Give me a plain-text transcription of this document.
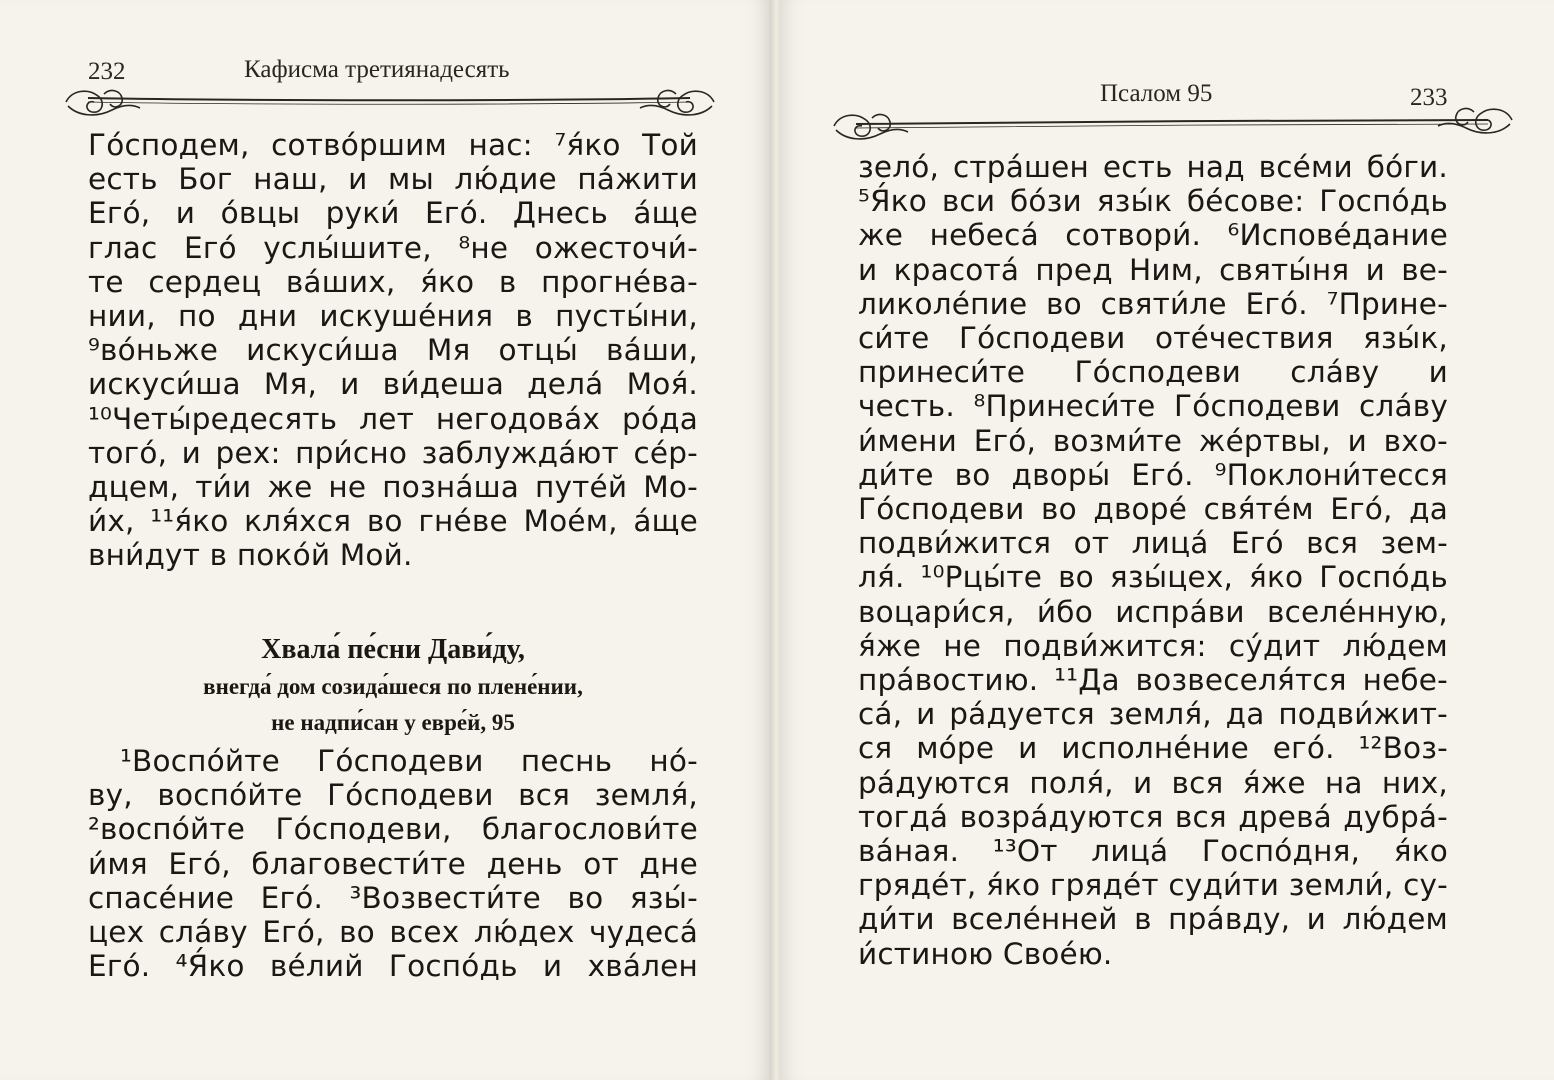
232	Кафисма третиянадесять
Го́сподем, сотво́ршим нас: ⁷я́ко Той
есть Бог наш, и мы лю́дие па́жити
Его́, и о́вцы руки́ Его́. Днесь а́ще
глас Его́ услы́шите, ⁸не ожесточи́-
те сердец ва́ших, я́ко в прогне́ва-
нии, по дни искуше́ния в пусты́ни,
⁹во́ньже искуси́ша Мя отцы́ ва́ши,
искуси́ша Мя, и ви́деша дела́ Моя́.
¹⁰Четы́редесять лет негодова́х ро́да
того́, и рех: при́сно заблужда́ют се́р-
дцем, ти́и же не позна́ша путе́й Мо-
и́х, ¹¹я́ко кля́хся во гне́ве Мое́м, а́ще
вни́дут в поко́й Мой.
Хвала́ пе́сни Дави́ду,
внегда́ дом созида́шеся по плене́нии,
не надпи́сан у евре́й, 95
¹Воспо́йте Го́сподеви песнь но́-
ву, воспо́йте Го́сподеви вся земля́,
²воспо́йте Го́сподеви, благослови́те
и́мя Его́, благовести́те день от дне
спасе́ние Его́. ³Возвести́те во язы́-
цех сла́ву Его́, во всех лю́дех чудеса́
Его́. ⁴Я́ко ве́лий Госпо́дь и хва́лен
Псалом 95	233
зело́, стра́шен есть над все́ми бо́ги.
⁵Я́ко вси бо́зи язы́к бе́сове: Госпо́дь
же небеса́ сотвори́. ⁶Испове́дание
и красота́ пред Ним, святы́ня и ве-
ликоле́пие во святи́ле Его́. ⁷Прине-
си́те Го́сподеви оте́чествия язы́к,
принеси́те Го́сподеви сла́ву и
честь. ⁸Принеси́те Го́сподеви сла́ву
и́мени Его́, возми́те же́ртвы, и вхо-
ди́те во дворы́ Его́. ⁹Поклони́тесся
Го́сподеви во дворе́ свя́те́м Его́, да
подви́жится от лица́ Его́ вся зем-
ля́. ¹⁰Рцы́те во язы́цех, я́ко Госпо́дь
воцари́ся, и́бо испра́ви вселе́нную,
я́же не подви́жится: су́дит лю́дем
пра́востию. ¹¹Да возвеселя́тся небе-
са́, и ра́дуется земля́, да подви́жит-
ся мо́ре и исполне́ние его́. ¹²Воз-
ра́дуются поля́, и вся я́же на них,
тогда́ возра́дуются вся древа́ дубра́-
ва́ная. ¹³От лица́ Госпо́дня, я́ко
гряде́т, я́ко гряде́т суди́ти земли́, су-
ди́ти вселе́нней в пра́вду, и лю́дем
и́стиною Свое́ю.
